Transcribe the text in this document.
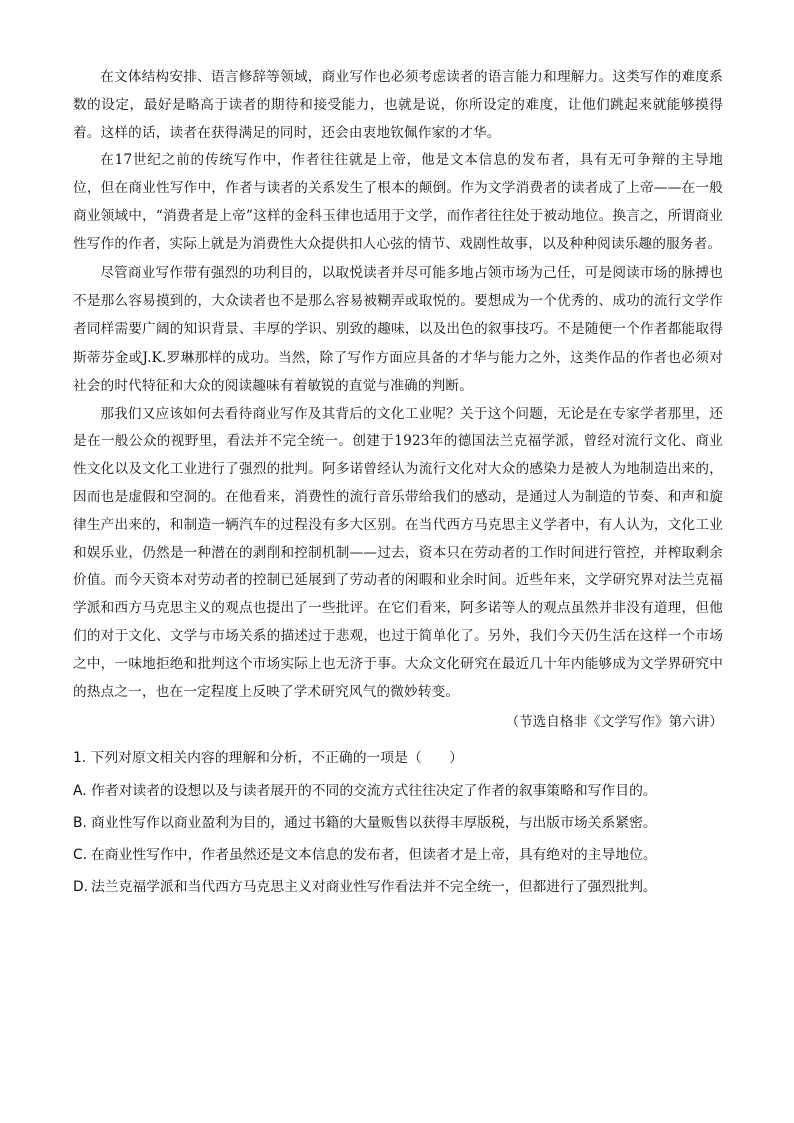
在文体结构安排、语言修辞等领域，商业写作也必须考虑读者的语言能力和理解力。这类写作的难度系数的设定，最好是略高于读者的期待和接受能力，也就是说，你所设定的难度，让他们跳起来就能够摸得着。这样的话，读者在获得满足的同时，还会由衷地钦佩作家的才华。

在17世纪之前的传统写作中，作者往往就是上帝，他是文本信息的发布者，具有无可争辩的主导地位，但在商业性写作中，作者与读者的关系发生了根本的颠倒。作为文学消费者的读者成了上帝——在一般商业领域中，“消费者是上帝”这样的金科玉律也适用于文学，而作者往往处于被动地位。换言之，所谓商业性写作的作者，实际上就是为消费性大众提供扣人心弦的情节、戏剧性故事，以及种种阅读乐趣的服务者。

尽管商业写作带有强烈的功利目的，以取悦读者并尽可能多地占领市场为己任，可是阅读市场的脉搏也不是那么容易摸到的，大众读者也不是那么容易被糊弄或取悦的。要想成为一个优秀的、成功的流行文学作者同样需要广阔的知识背景、丰厚的学识、别致的趣味，以及出色的叙事技巧。不是随便一个作者都能取得斯蒂芬金或J.K.罗琳那样的成功。当然，除了写作方面应具备的才华与能力之外，这类作品的作者也必须对社会的时代特征和大众的阅读趣味有着敏锐的直觉与准确的判断。

那我们又应该如何去看待商业写作及其背后的文化工业呢？关于这个问题，无论是在专家学者那里，还是在一般公众的视野里，看法并不完全统一。创建于1923年的德国法兰克福学派，曾经对流行文化、商业性文化以及文化工业进行了强烈的批判。阿多诺曾经认为流行文化对大众的感染力是被人为地制造出来的，因而也是虚假和空洞的。在他看来，消费性的流行音乐带给我们的感动，是通过人为制造的节奏、和声和旋律生产出来的，和制造一辆汽车的过程没有多大区别。在当代西方马克思主义学者中，有人认为，文化工业和娱乐业，仍然是一种潜在的剥削和控制机制——过去，资本只在劳动者的工作时间进行管控，并榨取剩余价值。而今天资本对劳动者的控制已延展到了劳动者的闲暇和业余时间。近些年来，文学研究界对法兰克福学派和西方马克思主义的观点也提出了一些批评。在它们看来，阿多诺等人的观点虽然并非没有道理，但他们的对于文化、文学与市场关系的描述过于悲观，也过于简单化了。另外，我们今天仍生活在这样一个市场之中，一味地拒绝和批判这个市场实际上也无济于事。大众文化研究在最近几十年内能够成为文学界研究中的热点之一，也在一定程度上反映了学术研究风气的微妙转变。

（节选自格非《文学写作》第六讲）
1. 下列对原文相关内容的理解和分析，不正确的一项是（　　）
A. 作者对读者的设想以及与读者展开的不同的交流方式往往决定了作者的叙事策略和写作目的。
B. 商业性写作以商业盈利为目的，通过书籍的大量贩售以获得丰厚版税，与出版市场关系紧密。
C. 在商业性写作中，作者虽然还是文本信息的发布者，但读者才是上帝，具有绝对的主导地位。
D. 法兰克福学派和当代西方马克思主义对商业性写作看法并不完全统一，但都进行了强烈批判。
